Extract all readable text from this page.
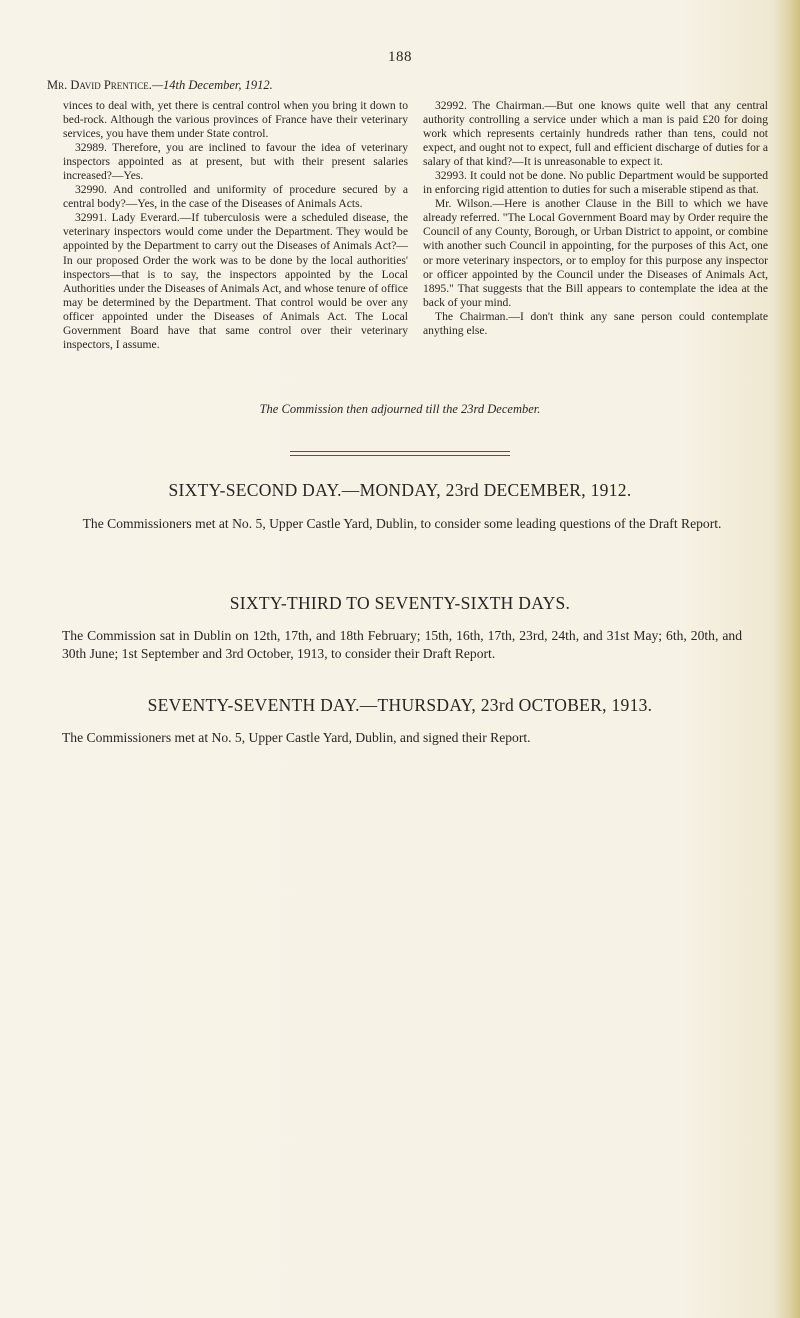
188
Mr. David Prentice.—14th December, 1912.

vinces to deal with, yet there is central control when you bring it down to bed-rock. Although the various provinces of France have their veterinary services, you have them under State control.

32989. Therefore, you are inclined to favour the idea of veterinary inspectors appointed as at present, but with their present salaries increased?—Yes.

32990. And controlled and uniformity of procedure secured by a central body?—Yes, in the case of the Diseases of Animals Acts.

32991. Lady Everard.—If tuberculosis were a scheduled disease, the veterinary inspectors would come under the Department. They would be appointed by the Department to carry out the Diseases of Animals Act?—In our proposed Order the work was to be done by the local authorities' inspectors—that is to say, the inspectors appointed by the Local Authorities under the Diseases of Animals Act, and whose tenure of office may be determined by the Department. That control would be over any officer appointed under the Diseases of Animals Act. The Local Government Board have that same control over their veterinary inspectors, I assume.

32992. The Chairman.—But one knows quite well that any central authority controlling a service under which a man is paid £20 for doing work which represents certainly hundreds rather than tens, could not expect, and ought not to expect, full and efficient discharge of duties for a salary of that kind?—It is unreasonable to expect it.

32993. It could not be done. No public Department would be supported in enforcing rigid attention to duties for such a miserable stipend as that.

Mr. Wilson.—Here is another Clause in the Bill to which we have already referred. "The Local Government Board may by Order require the Council of any County, Borough, or Urban District to appoint, or combine with another such Council in appointing, for the purposes of this Act, one or more veterinary inspectors, or to employ for this purpose any inspector or officer appointed by the Council under the Diseases of Animals Act, 1895." That suggests that the Bill appears to contemplate the idea at the back of your mind.

The Chairman.—I don't think any sane person could contemplate anything else.

The Commission then adjourned till the 23rd December.
SIXTY-SECOND DAY.—MONDAY, 23rd DECEMBER, 1912.
The Commissioners met at No. 5, Upper Castle Yard, Dublin, to consider some leading questions of the Draft Report.
SIXTY-THIRD TO SEVENTY-SIXTH DAYS.
The Commission sat in Dublin on 12th, 17th, and 18th February; 15th, 16th, 17th, 23rd, 24th, and 31st May; 6th, 20th, and 30th June; 1st September and 3rd October, 1913, to consider their Draft Report.
SEVENTY-SEVENTH DAY.—THURSDAY, 23rd OCTOBER, 1913.
The Commissioners met at No. 5, Upper Castle Yard, Dublin, and signed their Report.
